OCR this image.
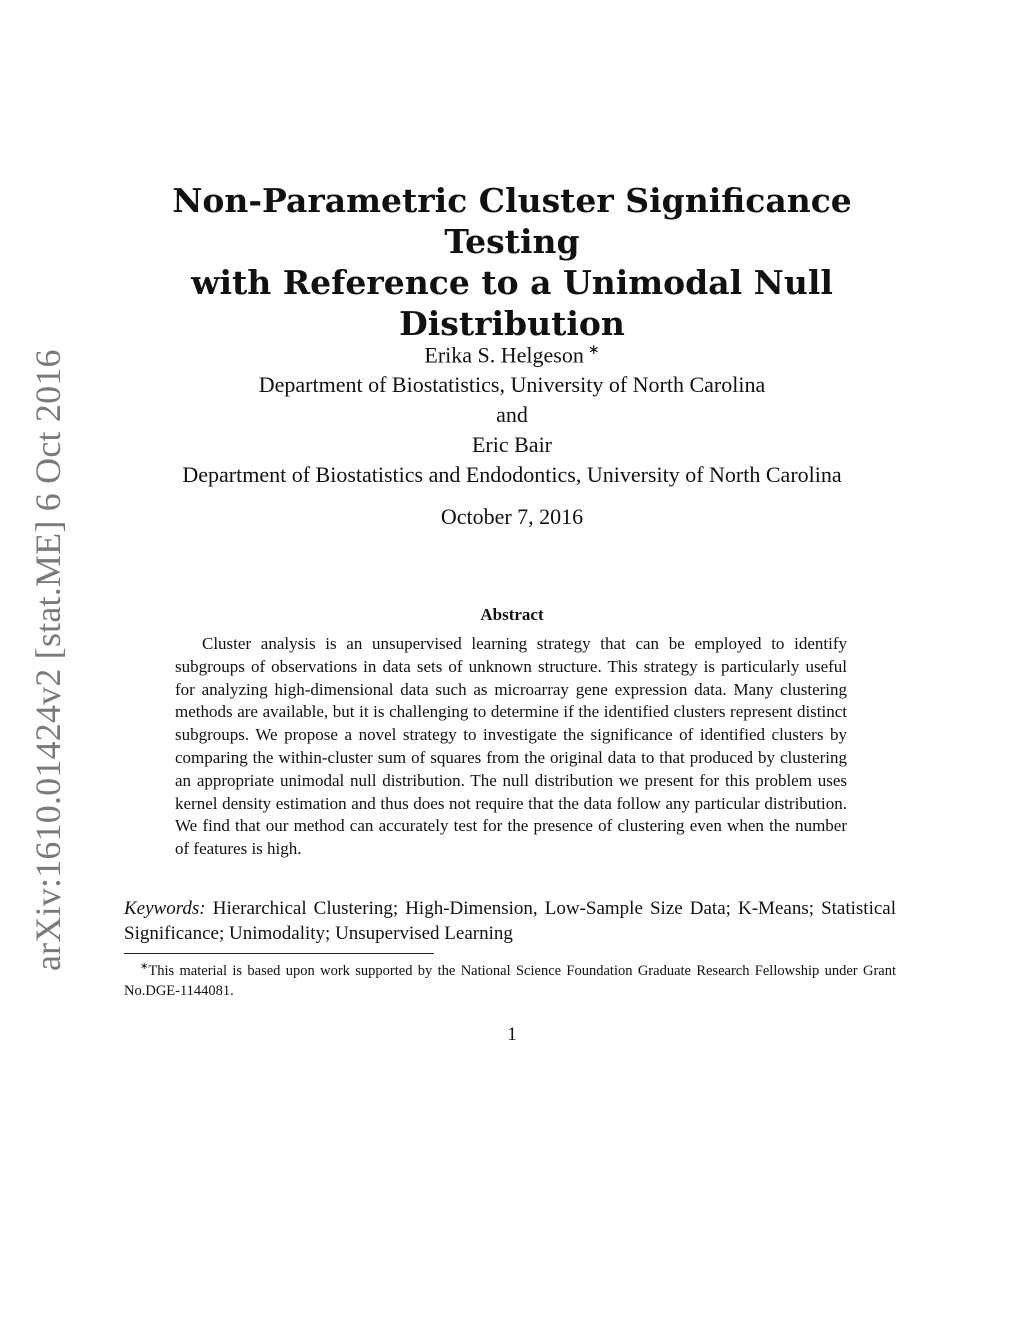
arXiv:1610.01424v2 [stat.ME] 6 Oct 2016
Non-Parametric Cluster Significance Testing
with Reference to a Unimodal Null
Distribution
Erika S. Helgeson ∗
Department of Biostatistics, University of North Carolina
and
Eric Bair
Department of Biostatistics and Endodontics, University of North Carolina
October 7, 2016
Abstract
Cluster analysis is an unsupervised learning strategy that can be employed to identify subgroups of observations in data sets of unknown structure. This strategy is particularly useful for analyzing high-dimensional data such as microarray gene expression data. Many clustering methods are available, but it is challenging to determine if the identified clusters represent distinct subgroups. We propose a novel strategy to investigate the significance of identified clusters by comparing the within-cluster sum of squares from the original data to that produced by clustering an appropriate unimodal null distribution. The null distribution we present for this problem uses kernel density estimation and thus does not require that the data follow any particular distribution. We find that our method can accurately test for the presence of clustering even when the number of features is high.
Keywords: Hierarchical Clustering; High-Dimension, Low-Sample Size Data; K-Means; Statistical Significance; Unimodality; Unsupervised Learning
∗This material is based upon work supported by the National Science Foundation Graduate Research Fellowship under Grant No.DGE-1144081.
1
